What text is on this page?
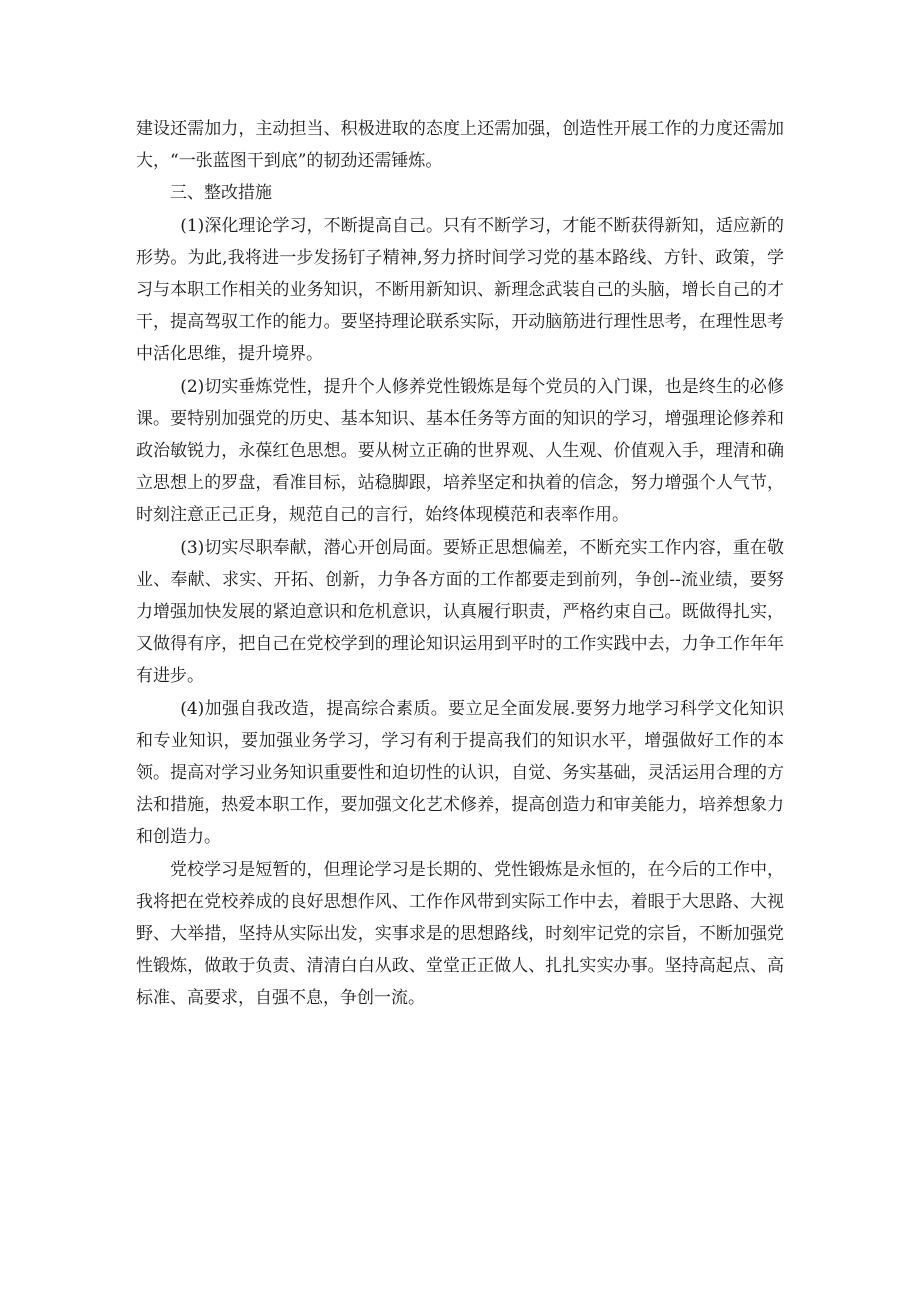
建设还需加力，主动担当、积极进取的态度上还需加强，创造性开展工作的力度还需加大，“一张蓝图干到底”的韧劲还需锤炼。

三、整改措施

(1)深化理论学习，不断提高自己。只有不断学习，才能不断获得新知，适应新的形势。为此,我将进一步发扬钉子精神,努力挤时间学习党的基本路线、方针、政策，学习与本职工作相关的业务知识，不断用新知识、新理念武装自己的头脑，增长自己的才干，提高驾驭工作的能力。要坚持理论联系实际，开动脑筋进行理性思考，在理性思考中活化思维，提升境界。

(2)切实垂炼党性，提升个人修养党性锻炼是每个党员的入门课，也是终生的必修课。要特别加强党的历史、基本知识、基本任务等方面的知识的学习，增强理论修养和政治敏锐力，永葆红色思想。要从树立正确的世界观、人生观、价值观入手，理清和确立思想上的罗盘，看准目标，站稳脚跟，培养坚定和执着的信念，努力增强个人气节，时刻注意正己正身，规范自己的言行，始终体现模范和表率作用。

(3)切实尽职奉献，潜心开创局面。要矫正思想偏差，不断充实工作内容，重在敬业、奉献、求实、开拓、创新，力争各方面的工作都要走到前列，争创--流业绩，要努力增强加快发展的紧迫意识和危机意识，认真履行职责，严格约束自己。既做得扎实，又做得有序，把自己在党校学到的理论知识运用到平时的工作实践中去，力争工作年年有进步。

(4)加强自我改造，提高综合素质。要立足全面发展.要努力地学习科学文化知识和专业知识，要加强业务学习，学习有利于提高我们的知识水平，增强做好工作的本领。提高对学习业务知识重要性和迫切性的认识，自觉、务实基础，灵活运用合理的方法和措施，热爱本职工作，要加强文化艺术修养，提高创造力和审美能力，培养想象力和创造力。

党校学习是短暂的，但理论学习是长期的、党性锻炼是永恒的，在今后的工作中，我将把在党校养成的良好思想作风、工作作风带到实际工作中去，着眼于大思路、大视野、大举措，坚持从实际出发，实事求是的思想路线，时刻牢记党的宗旨，不断加强党性锻炼，做敢于负责、清清白白从政、堂堂正正做人、扎扎实实办事。坚持高起点、高标准、高要求，自强不息，争创一流。
